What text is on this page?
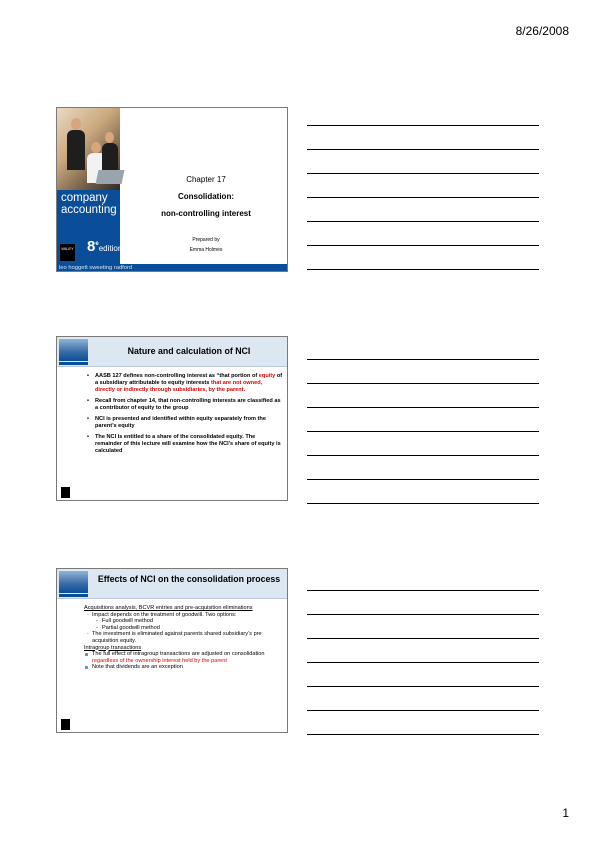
8/26/2008
company
accounting
8eedition
WILEY
leo hoggett sweeting radford
Chapter 17
Consolidation:
non-controlling interest
Prepared by
Emma Holmes
Nature and calculation of NCI
• AASB 127 defines non-controlling interest as “that portion of equity of a subsidiary attributable to equity interests that are not owned, directly or indirectly through subsidiaries, by the parent.
• Recall from chapter 14, that non-controlling interests are classified as a contributor of equity to the group
• NCI is presented and identified within equity separately from the parent’s equity
• The NCI is entitled to a share of the consolidated equity. The remainder of this lecture will examine how the NCI’s share of equity is calculated
Effects of NCI on the consolidation process
Acquisitions analysis, BCVR entries and pre-acquisition eliminations
· Impact depends on the treatment of goodwill. Two options:
- Full goodwill method
- Partial goodwill method
· The investment is eliminated against parents shared subsidiary’s pre acquisition equity.
Intragroup transactions
The full effect of intragroup transactions are adjusted on consolidation regardless of the ownership interest held by the parent
Note that dividends are an exception
1
